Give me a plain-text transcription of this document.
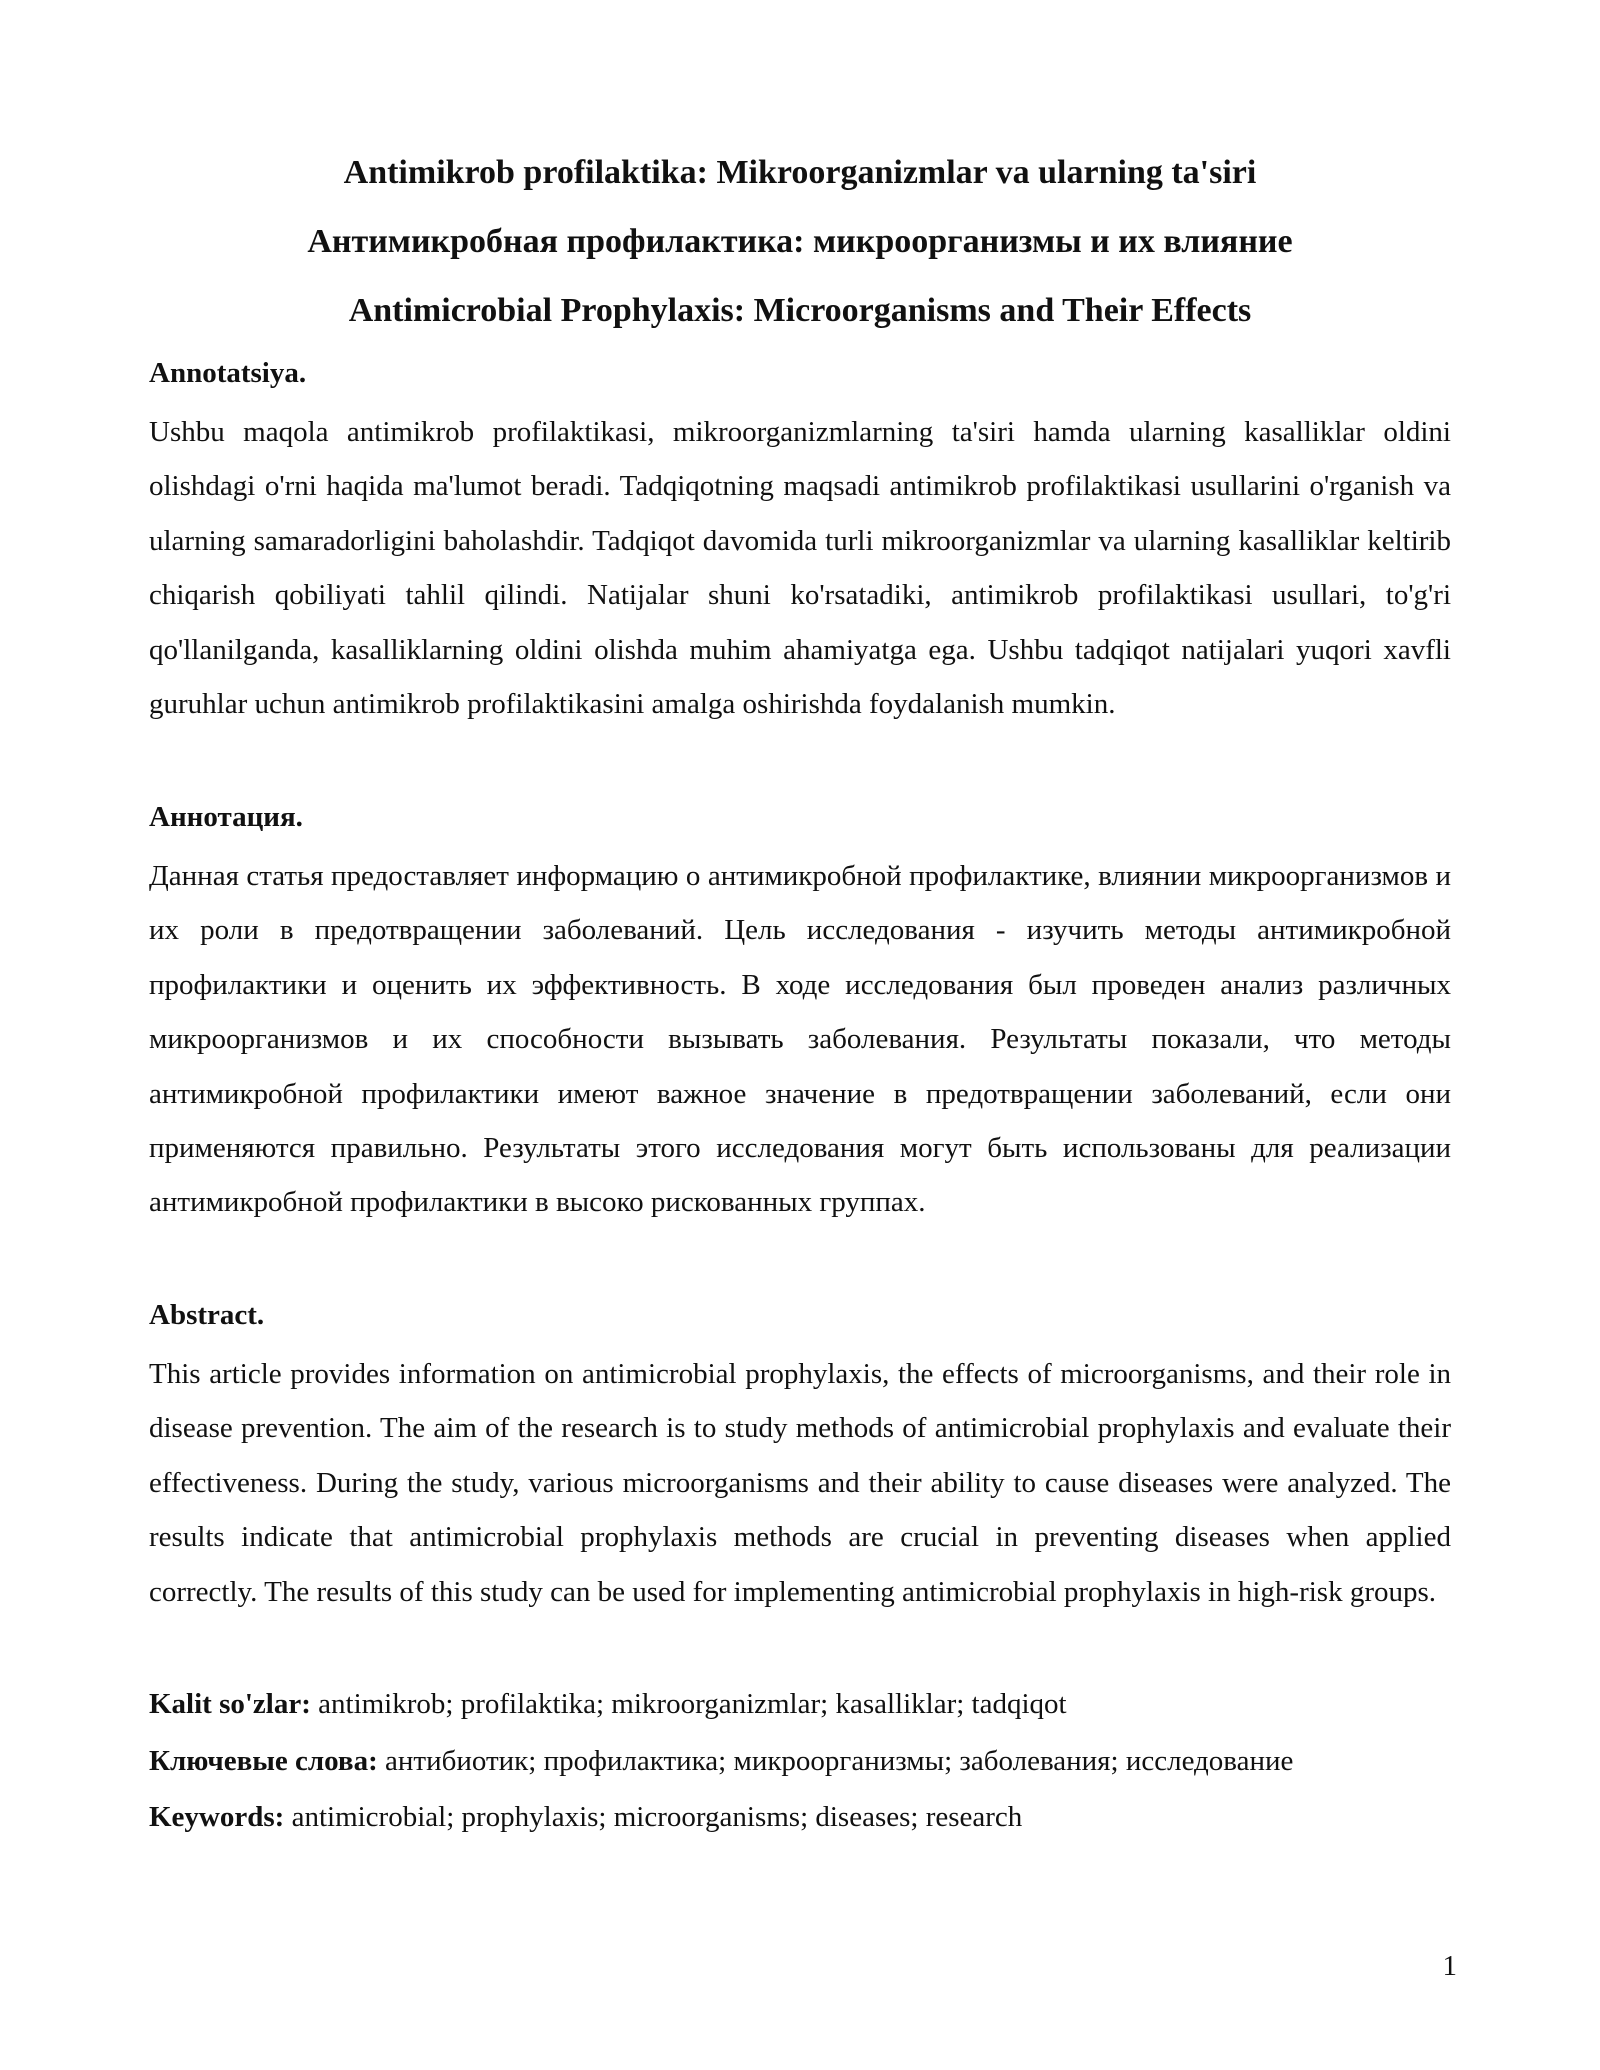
Antimikrob profilaktika: Mikroorganizmlar va ularning ta'siri

Антимикробная профилактика: микроорганизмы и их влияние

Antimicrobial Prophylaxis: Microorganisms and Their Effects

Annotatsiya.

Ushbu maqola antimikrob profilaktikasi, mikroorganizmlarning ta'siri hamda ularning kasalliklar oldini olishdagi o'rni haqida ma'lumot beradi. Tadqiqotning maqsadi antimikrob profilaktikasi usullarini o'rganish va ularning samaradorligini baholashdir. Tadqiqot davomida turli mikroorganizmlar va ularning kasalliklar keltirib chiqarish qobiliyati tahlil qilindi. Natijalar shuni ko'rsatadiki, antimikrob profilaktikasi usullari, to'g'ri qo'llanilganda, kasalliklarning oldini olishda muhim ahamiyatga ega. Ushbu tadqiqot natijalari yuqori xavfli guruhlar uchun antimikrob profilaktikasini amalga oshirishda foydalanish mumkin.

Аннотация.

Данная статья предоставляет информацию о антимикробной профилактике, влиянии микроорганизмов и их роли в предотвращении заболеваний. Цель исследования - изучить методы антимикробной профилактики и оценить их эффективность. В ходе исследования был проведен анализ различных микроорганизмов и их способности вызывать заболевания. Результаты показали, что методы антимикробной профилактики имеют важное значение в предотвращении заболеваний, если они применяются правильно. Результаты этого исследования могут быть использованы для реализации антимикробной профилактики в высоко рискованных группах.

Abstract.

This article provides information on antimicrobial prophylaxis, the effects of microorganisms, and their role in disease prevention. The aim of the research is to study methods of antimicrobial prophylaxis and evaluate their effectiveness. During the study, various microorganisms and their ability to cause diseases were analyzed. The results indicate that antimicrobial prophylaxis methods are crucial in preventing diseases when applied correctly. The results of this study can be used for implementing antimicrobial prophylaxis in high-risk groups.

Kalit so'zlar: antimikrob; profilaktika; mikroorganizmlar; kasalliklar; tadqiqot

Ключевые слова: антибиотик; профилактика; микроорганизмы; заболевания; исследование

Keywords: antimicrobial; prophylaxis; microorganisms; diseases; research

1
